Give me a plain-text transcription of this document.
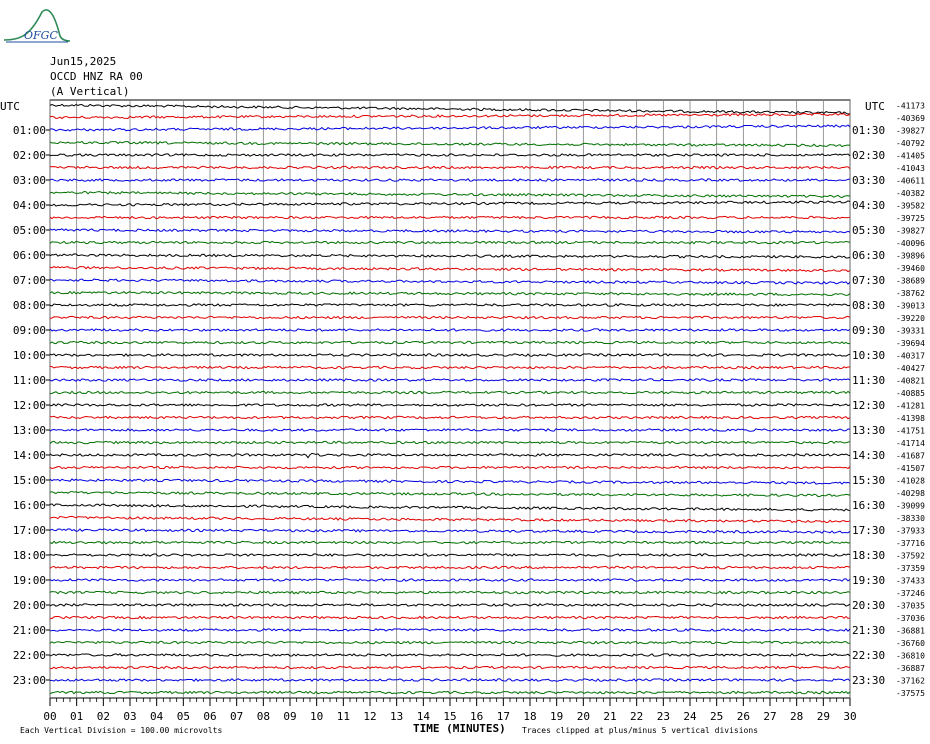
OFGC
Jun15,2025
OCCD HNZ RA 00
(A Vertical)
-41173
-40369
-39827
-40792
-41405
-41043
-40611
-40382
-39582
-39725
-39827
-40096
-39896
-39460
-38689
-38762
-39013
-39220
-39331
-39694
-40317
-40427
-40821
-40885
-41281
-41398
-41751
-41714
-41687
-41507
-41028
-40298
-39099
-38330
-37933
-37716
-37592
-37359
-37433
-37246
-37035
-37036
-36881
-36760
-36810
-36887
-37162
-37575
UTC	UTC
01:00
02:00
03:00
04:00
05:00
06:00
07:00
08:00
09:00
10:00
11:00
12:00
13:00
14:00
15:00
16:00
17:00
18:00
19:00
20:00
21:00
22:00
23:00
01:30
02:30
03:30
04:30
05:30
06:30
07:30
08:30
09:30
10:30
11:30
12:30
13:30
14:30
15:30
16:30
17:30
18:30
19:30
20:30
21:30
22:30
23:30
00 01 02 03 04 05 06 07 08 09 10 11 12 13 14 15 16 17 18 19 20 21 22 23 24 25 26 27 28 29 30
Each Vertical Division = 100.00 microvolts	TIME (MINUTES) Traces clipped at plus/minus 5 vertical divisions
